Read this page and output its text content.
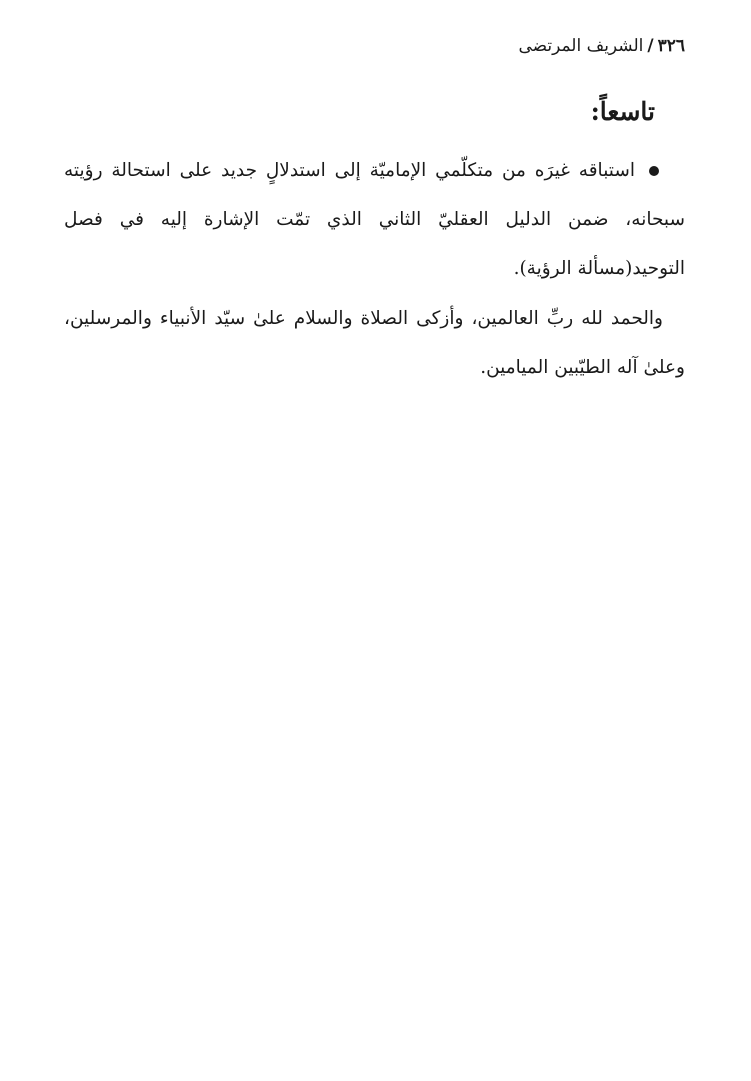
٣٢٦/الشريف المرتضى
تاسعاً:

استباقه غيرَه من متكلّمي الإماميّة إلى استدلالٍ جديد على استحالة رؤيته سبحانه، ضمن الدليل العقليّ الثاني الذي تمّت الإشارة إليه في فصل التوحيد(مسألة الرؤية).

والحمد لله ربِّ العالمين، وأزكى الصلاة والسلام علىٰ سيّد الأنبياء والمرسلين، وعلىٰ آله الطيّبين الميامين.
